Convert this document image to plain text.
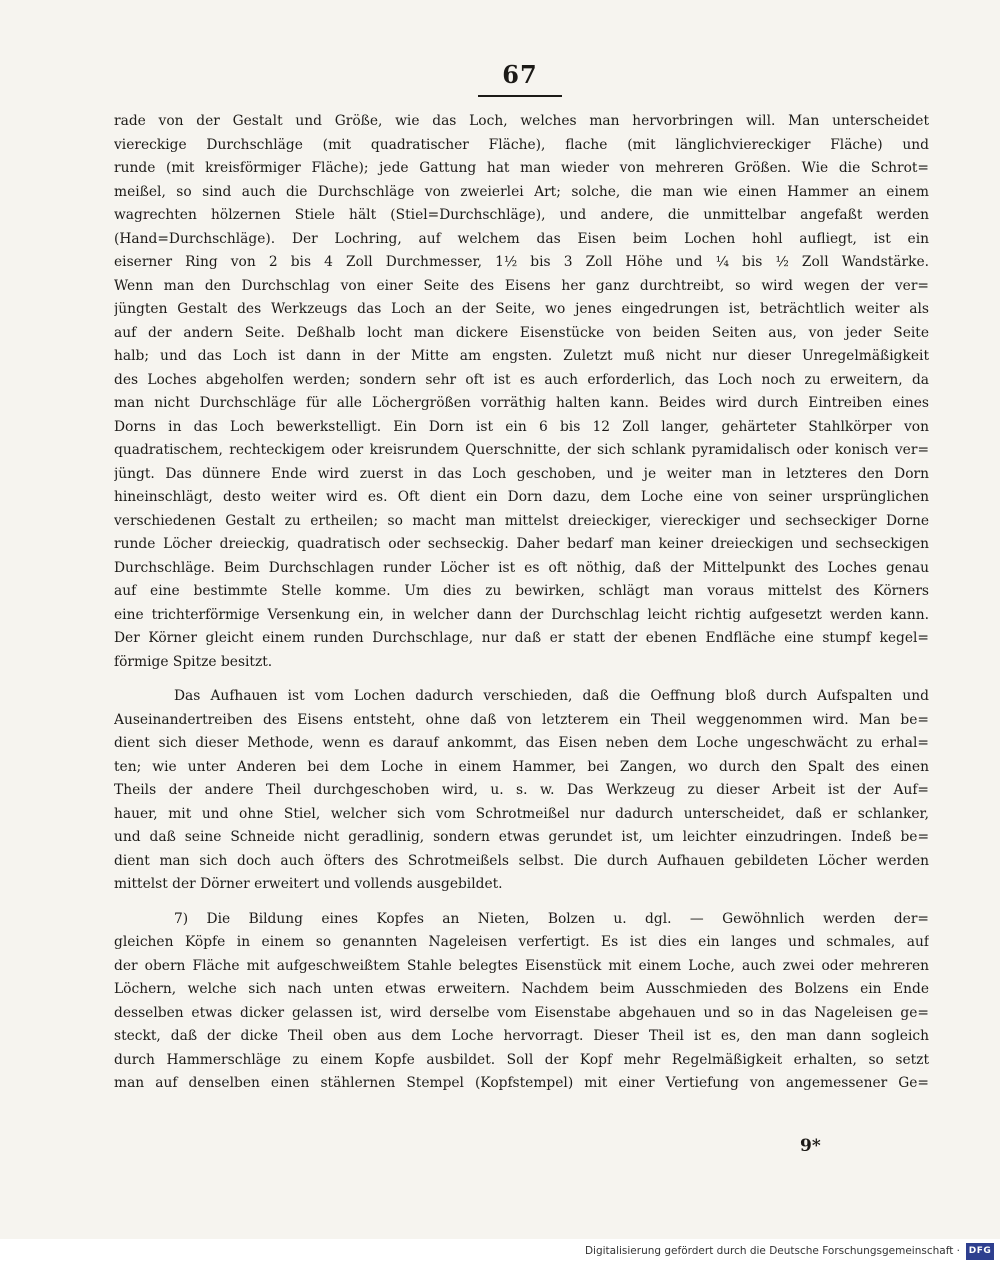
67
rade von der Gestalt und Größe, wie das Loch, welches man hervorbringen will. Man unterscheidet
viereckige Durchschläge (mit quadratischer Fläche), flache (mit länglichviereckiger Fläche) und
runde (mit kreisförmiger Fläche); jede Gattung hat man wieder von mehreren Größen. Wie die Schrot=
meißel, so sind auch die Durchschläge von zweierlei Art; solche, die man wie einen Hammer an einem
wagrechten hölzernen Stiele hält (Stiel=Durchschläge), und andere, die unmittelbar angefaßt werden
(Hand=Durchschläge). Der Lochring, auf welchem das Eisen beim Lochen hohl aufliegt, ist ein
eiserner Ring von 2 bis 4 Zoll Durchmesser, 1½ bis 3 Zoll Höhe und ¼ bis ½ Zoll Wandstärke.
Wenn man den Durchschlag von einer Seite des Eisens her ganz durchtreibt, so wird wegen der ver=
jüngten Gestalt des Werkzeugs das Loch an der Seite, wo jenes eingedrungen ist, beträchtlich weiter als
auf der andern Seite. Deßhalb locht man dickere Eisenstücke von beiden Seiten aus, von jeder Seite
halb; und das Loch ist dann in der Mitte am engsten. Zuletzt muß nicht nur dieser Unregelmäßigkeit
des Loches abgeholfen werden; sondern sehr oft ist es auch erforderlich, das Loch noch zu erweitern, da
man nicht Durchschläge für alle Löchergrößen vorräthig halten kann. Beides wird durch Eintreiben eines
Dorns in das Loch bewerkstelligt. Ein Dorn ist ein 6 bis 12 Zoll langer, gehärteter Stahlkörper von
quadratischem, rechteckigem oder kreisrundem Querschnitte, der sich schlank pyramidalisch oder konisch ver=
jüngt. Das dünnere Ende wird zuerst in das Loch geschoben, und je weiter man in letzteres den Dorn
hineinschlägt, desto weiter wird es. Oft dient ein Dorn dazu, dem Loche eine von seiner ursprünglichen
verschiedenen Gestalt zu ertheilen; so macht man mittelst dreieckiger, viereckiger und sechseckiger Dorne
runde Löcher dreieckig, quadratisch oder sechseckig. Daher bedarf man keiner dreieckigen und sechseckigen
Durchschläge. Beim Durchschlagen runder Löcher ist es oft nöthig, daß der Mittelpunkt des Loches genau
auf eine bestimmte Stelle komme. Um dies zu bewirken, schlägt man voraus mittelst des Körners
eine trichterförmige Versenkung ein, in welcher dann der Durchschlag leicht richtig aufgesetzt werden kann.
Der Körner gleicht einem runden Durchschlage, nur daß er statt der ebenen Endfläche eine stumpf kegel=
förmige Spitze besitzt.
Das Aufhauen ist vom Lochen dadurch verschieden, daß die Oeffnung bloß durch Aufspalten und
Auseinandertreiben des Eisens entsteht, ohne daß von letzterem ein Theil weggenommen wird. Man be=
dient sich dieser Methode, wenn es darauf ankommt, das Eisen neben dem Loche ungeschwächt zu erhal=
ten; wie unter Anderen bei dem Loche in einem Hammer, bei Zangen, wo durch den Spalt des einen
Theils der andere Theil durchgeschoben wird, u. s. w. Das Werkzeug zu dieser Arbeit ist der Auf=
hauer, mit und ohne Stiel, welcher sich vom Schrotmeißel nur dadurch unterscheidet, daß er schlanker,
und daß seine Schneide nicht geradlinig, sondern etwas gerundet ist, um leichter einzudringen. Indeß be=
dient man sich doch auch öfters des Schrotmeißels selbst. Die durch Aufhauen gebildeten Löcher werden
mittelst der Dörner erweitert und vollends ausgebildet.
7) Die Bildung eines Kopfes an Nieten, Bolzen u. dgl. — Gewöhnlich werden der=
gleichen Köpfe in einem so genannten Nageleisen verfertigt. Es ist dies ein langes und schmales, auf
der obern Fläche mit aufgeschweißtem Stahle belegtes Eisenstück mit einem Loche, auch zwei oder mehreren
Löchern, welche sich nach unten etwas erweitern. Nachdem beim Ausschmieden des Bolzens ein Ende
desselben etwas dicker gelassen ist, wird derselbe vom Eisenstabe abgehauen und so in das Nageleisen ge=
steckt, daß der dicke Theil oben aus dem Loche hervorragt. Dieser Theil ist es, den man dann sogleich
durch Hammerschläge zu einem Kopfe ausbildet. Soll der Kopf mehr Regelmäßigkeit erhalten, so setzt
man auf denselben einen stählernen Stempel (Kopfstempel) mit einer Vertiefung von angemessener Ge=
9*
Digitalisierung gefördert durch die Deutsche Forschungsgemeinschaft · DFG
